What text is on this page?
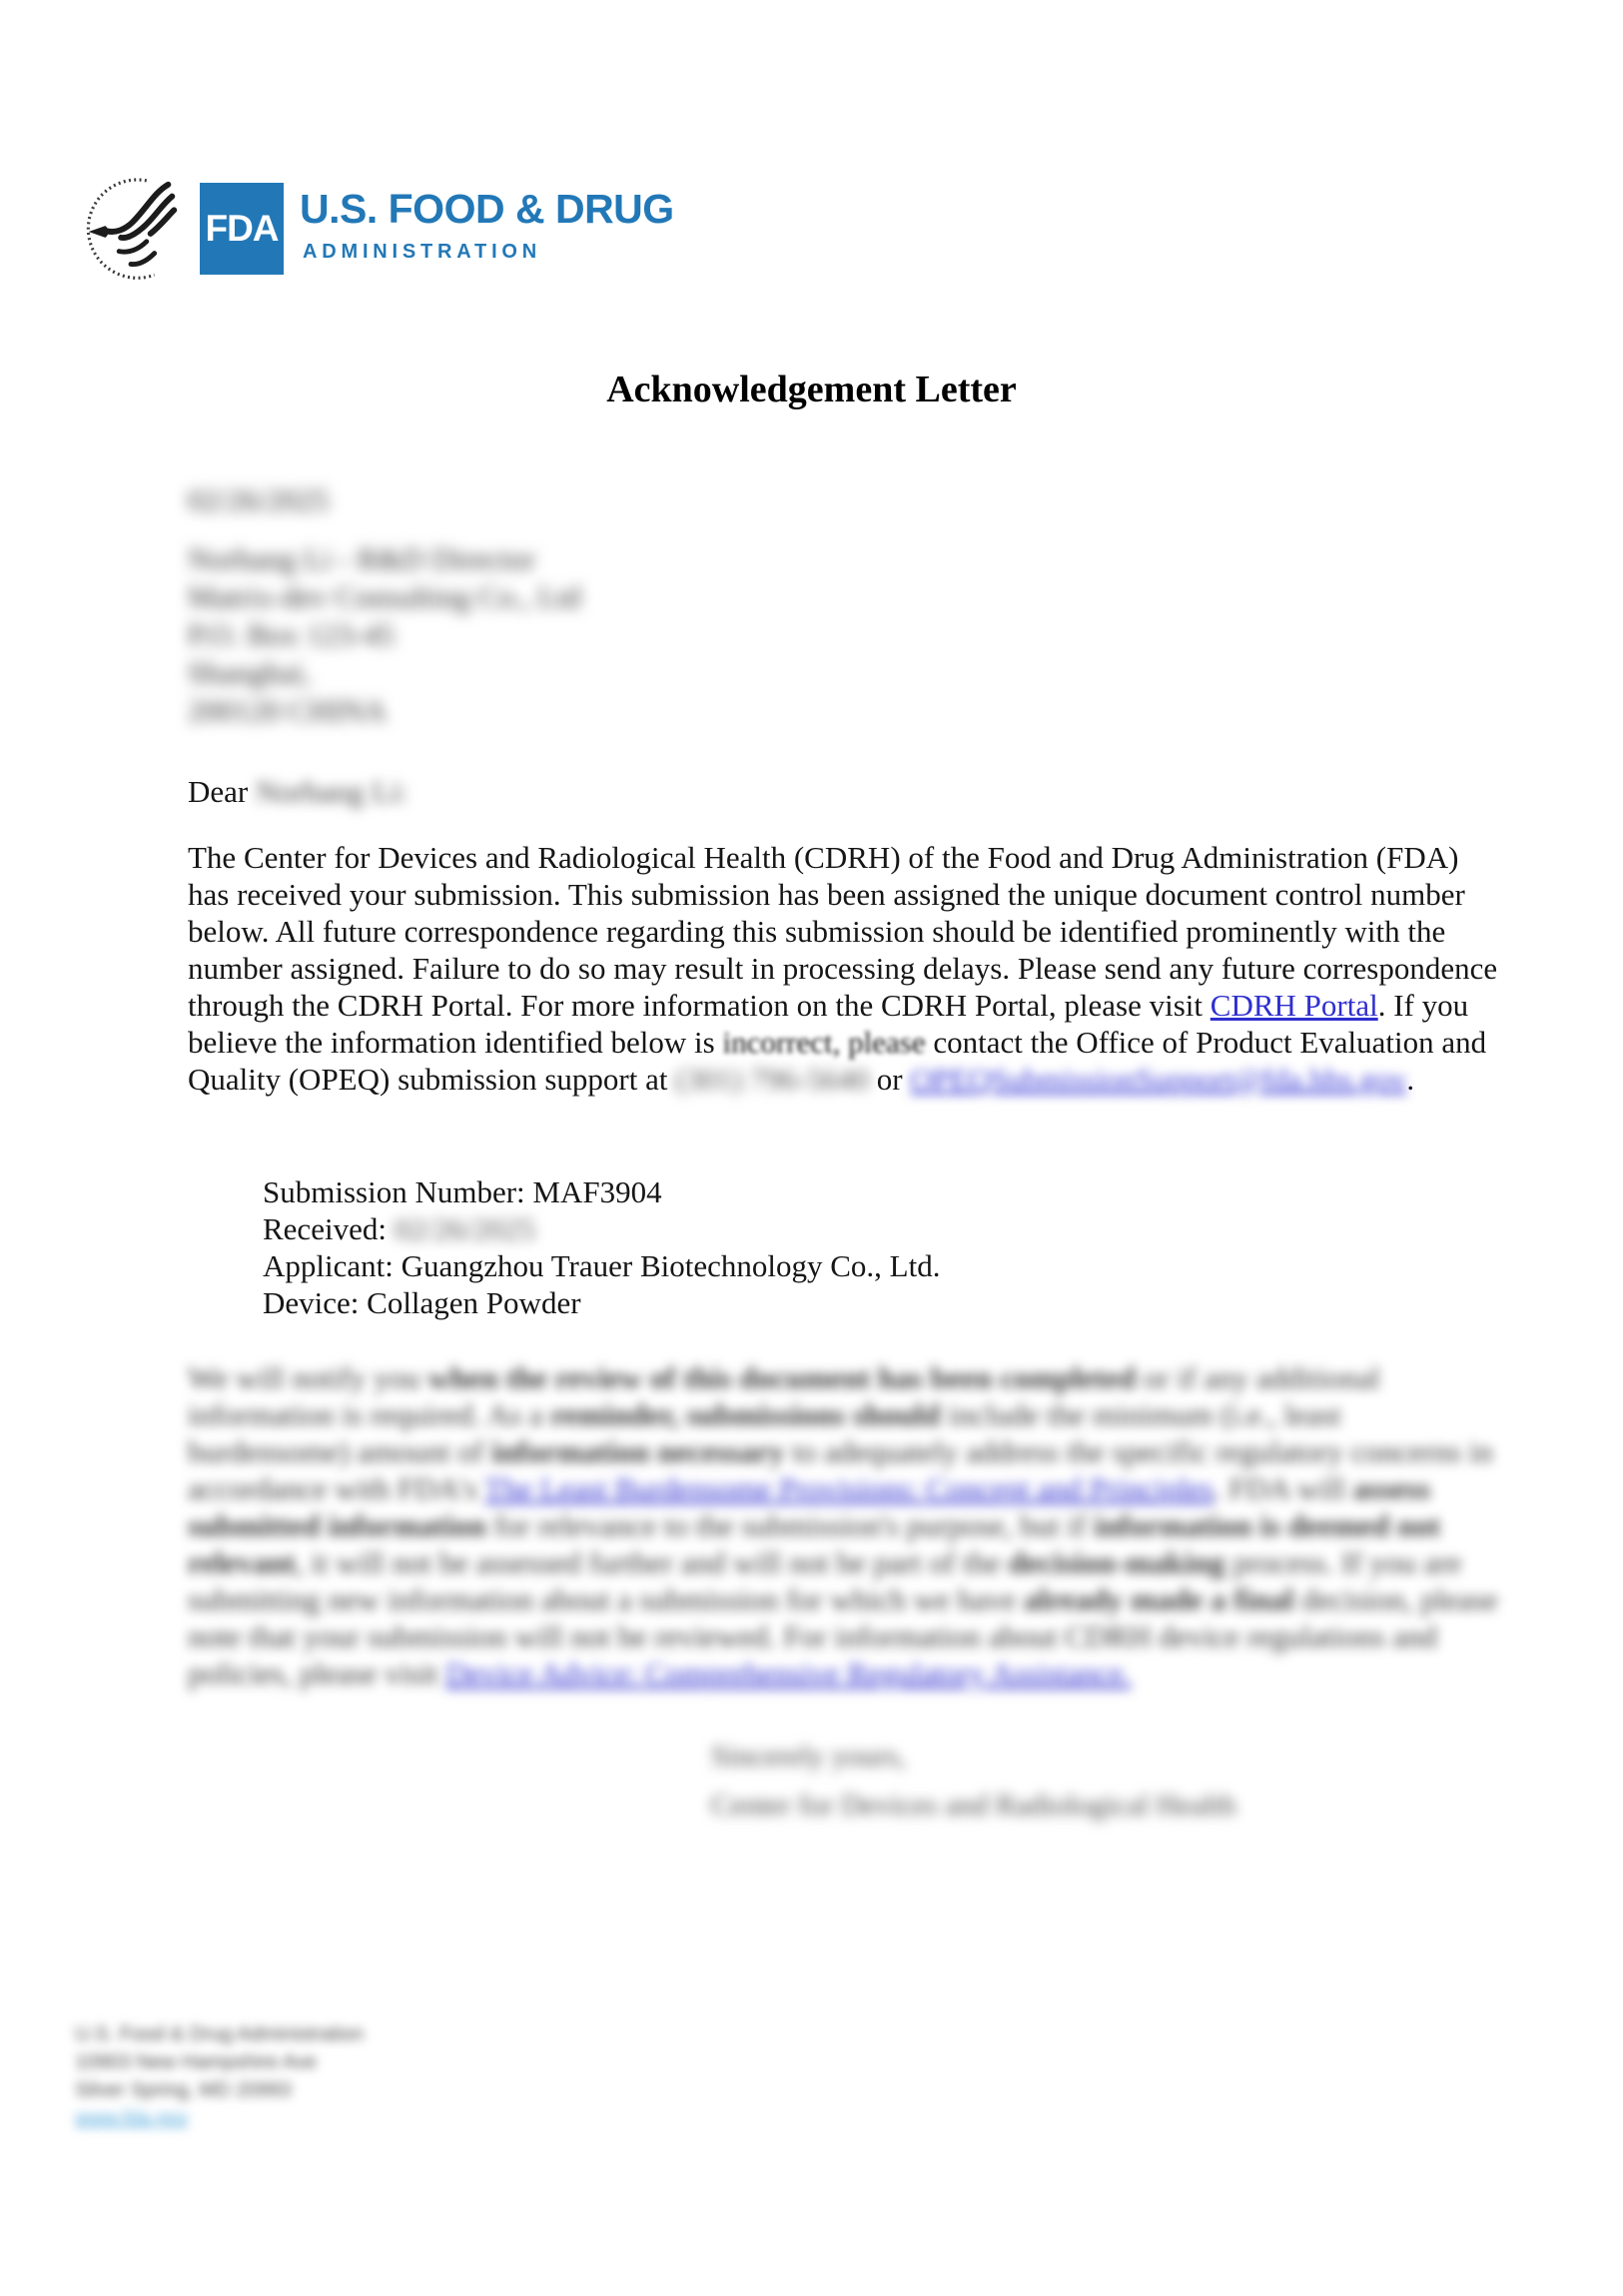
FDA U.S. FOOD & DRUG
ADMINISTRATION
Acknowledgement Letter
02/26/2025
Norbang Li - R&D Director
Matrix-dev Consulting Co., Ltd
P.O. Box 123-45
Shanghai,
200120 CHINA
Dear Norbang Li:
The Center for Devices and Radiological Health (CDRH) of the Food and Drug Administration (FDA) has received your submission. This submission has been assigned the unique document control number below. All future correspondence regarding this submission should be identified prominently with the number assigned. Failure to do so may result in processing delays. Please send any future correspondence through the CDRH Portal. For more information on the CDRH Portal, please visit CDRH Portal. If you believe the information identified below is incorrect, please contact the Office of Product Evaluation and Quality (OPEQ) submission support at (301) 796-5640 or OPEQSubmissionSupport@fda.hhs.gov.
Submission Number: MAF3904
Received: 02/26/2025
Applicant: Guangzhou Trauer Biotechnology Co., Ltd.
Device: Collagen Powder
We will notify you when the review of this document has been completed or if any additional information is required. As a reminder, submissions should include the minimum (i.e., least burdensome) amount of information necessary to adequately address the specific regulatory concerns in accordance with FDA's The Least Burdensome Provisions: Concept and Principles. FDA will assess submitted information for relevance to the submission's purpose, but if information is deemed not relevant, it will not be assessed further and will not be part of the decision-making process. If you are submitting new information about a submission for which we have already made a final decision, please note that your submission will not be reviewed. For information about CDRH device regulations and policies, please visit Device Advice: Comprehensive Regulatory Assistance.
Sincerely yours,
Center for Devices and Radiological Health
U.S. Food & Drug Administration
10903 New Hampshire Ave
Silver Spring, MD 20993
www.fda.gov
